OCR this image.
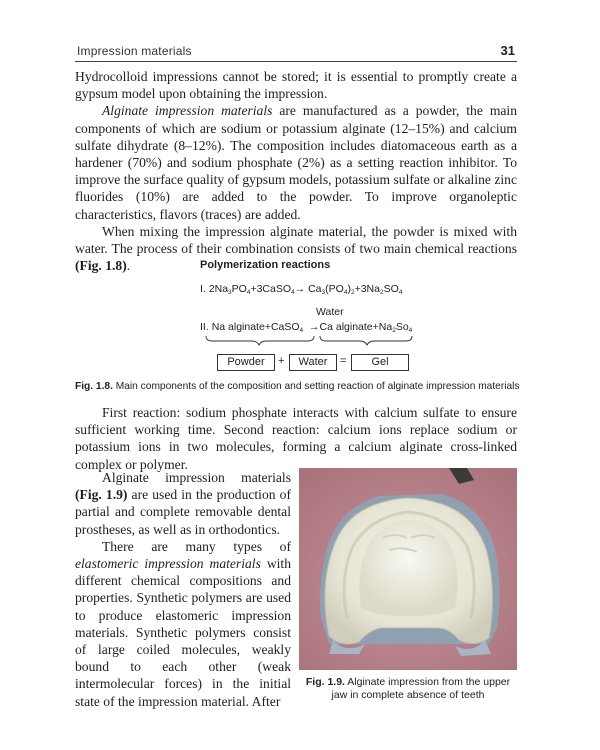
Impression materials	31

Hydrocolloid impressions cannot be stored; it is essential to promptly create a gypsum model upon obtaining the impression.

Alginate impression materials are manufactured as a powder, the main components of which are sodium or potassium alginate (12–15%) and calcium sulfate dihydrate (8–12%). The composition includes diatomaceous earth as a hardener (70%) and sodium phosphate (2%) as a setting reaction inhibitor. To improve the surface quality of gypsum models, potassium sulfate or alkaline zinc fluorides (10%) are added to the powder. To improve organoleptic characteristics, flavors (traces) are added.

When mixing the impression alginate material, the powder is mixed with water. The process of their combination consists of two main chemical reactions (Fig. 1.8).	Polymerization reactions
I. $2Na_3PO_4+3CaSO_4\to Ca_3(PO_4)_2+3Na_2SO_4$
Water
II. Na alginate+CaSO$_4$ →Ca $alginate+Na_2So_4$
Powder	+	Water	=	Gel
Fig. 1.8. Main components of the composition and setting reaction of alginate impression materials

First reaction: sodium phosphate interacts with calcium sulfate to ensure sufficient working time. Second reaction: calcium ions replace sodium or potassium ions in two molecules, forming a calcium alginate cross-linked complex or polymer.

Alginate impression materials (Fig. 1.9) are used in the production of partial and complete removable dental prostheses, as well as in orthodontics.

There are many types of elastomeric impression materials with different chemical compositions and properties. Synthetic polymers are used to produce elastomeric impression materials. Synthetic polymers consist of large coiled molecules, weakly bound to each other (weak intermolecular forces) in the initial state of the impression material. After

Fig. 1.9. Alginate impression from the upper jaw in complete absence of teeth
